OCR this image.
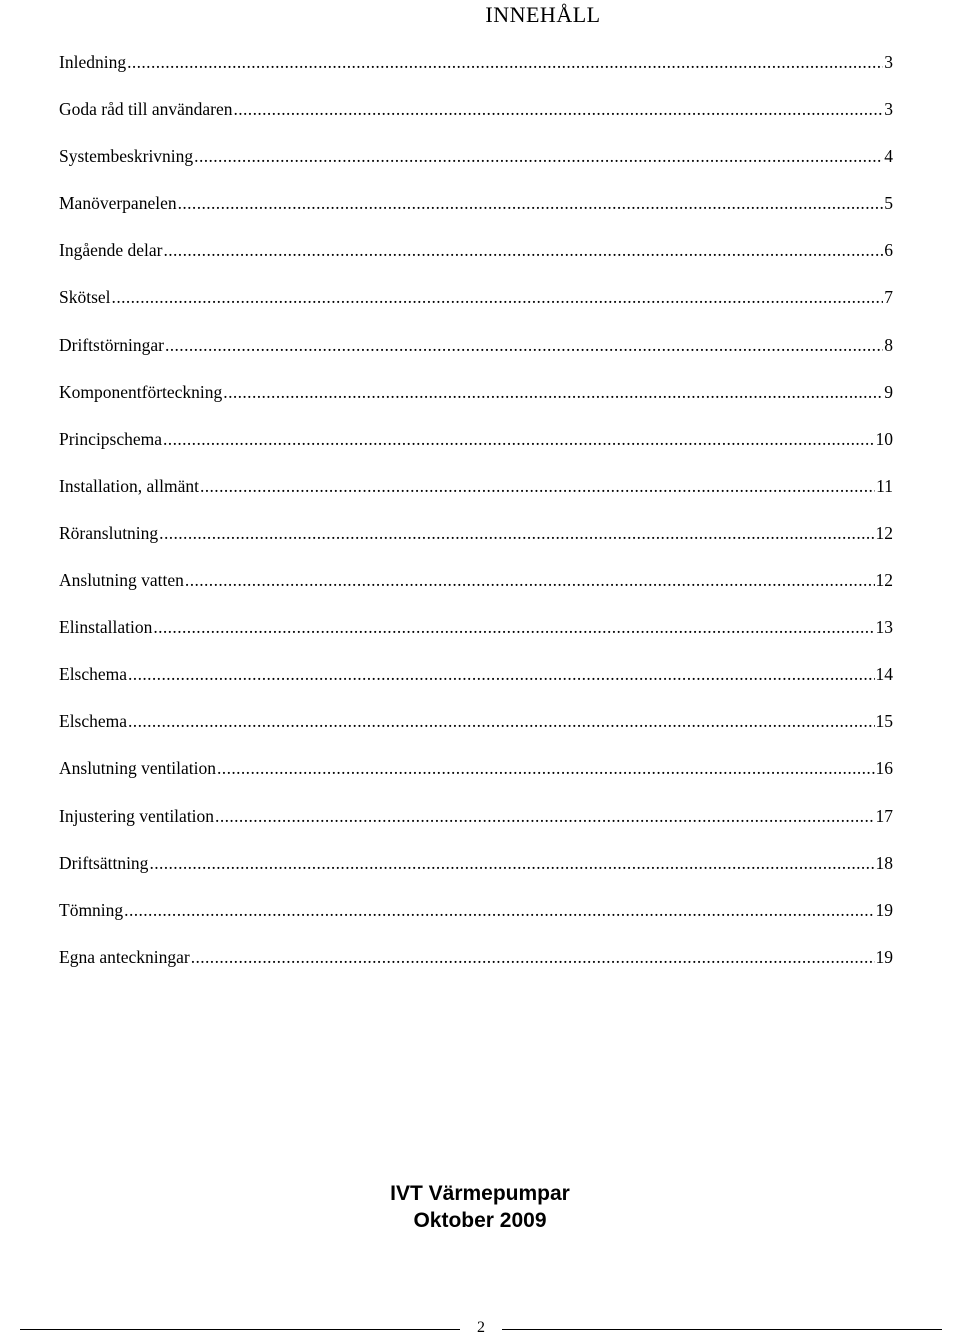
INNEHÅLL
Inledning .....	3
Goda råd till användaren .....	3
Systembeskrivning .....	4
Manöverpanelen .....	5
Ingående delar .....	6
Skötsel .....	7
Driftstörningar .....	8
Komponentförteckning .....	9
Principschema .....	10
Installation, allmänt .....	11
Röranslutning .....	12
Anslutning vatten .....	12
Elinstallation .....	13
Elschema .....	14
Elschema .....	15
Anslutning ventilation .....	16
Injustering ventilation .....	17
Driftsättning .....	18
Tömning .....	19
Egna anteckningar .....	19
IVT Värmepumpar
Oktober 2009
2
